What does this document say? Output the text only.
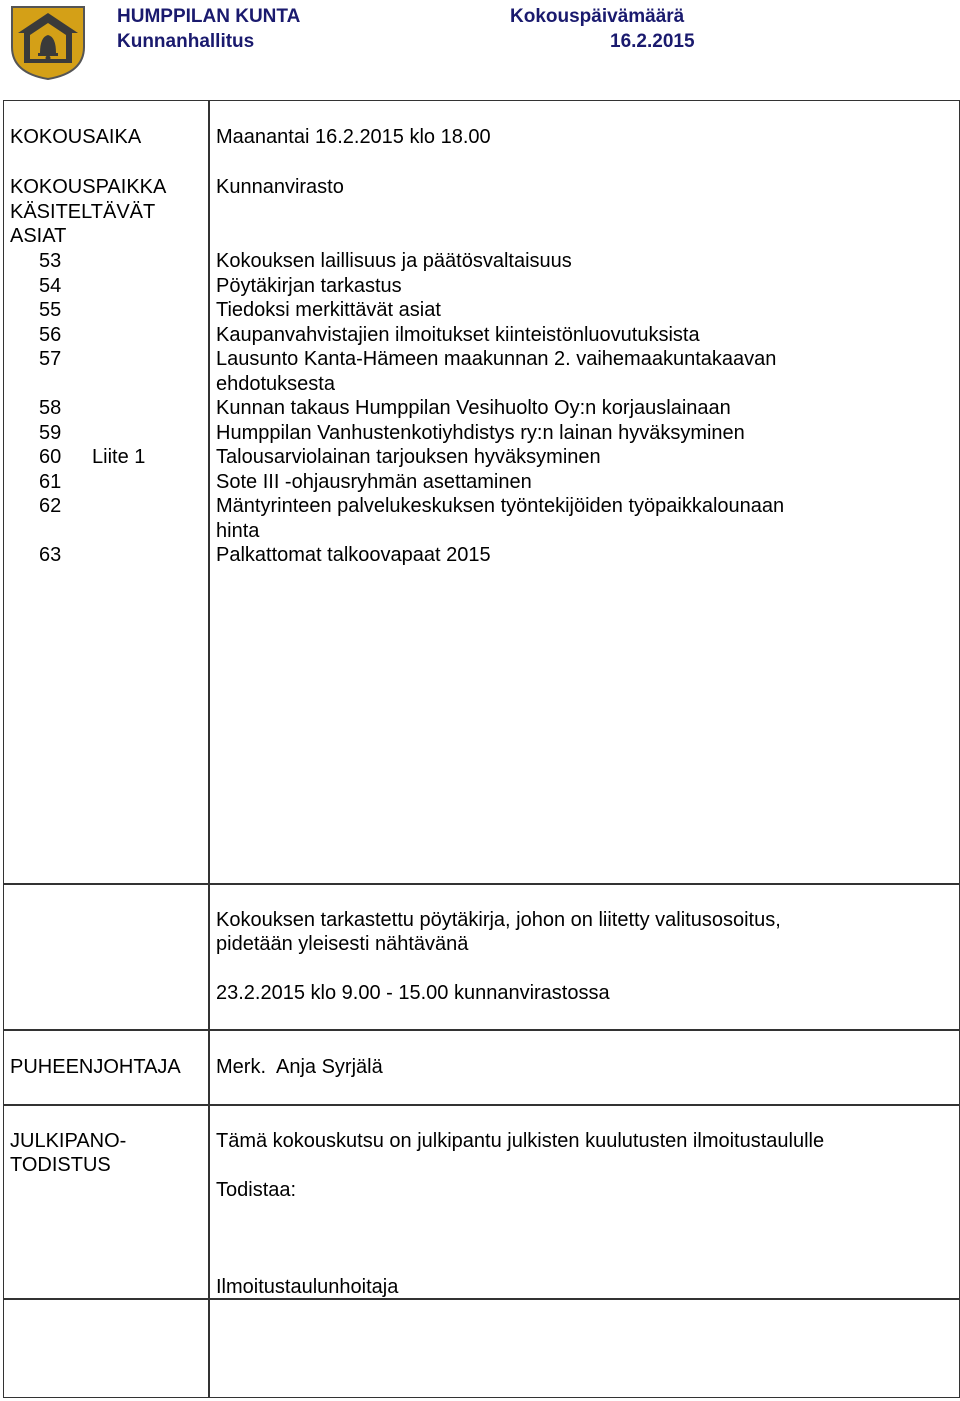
HUMPPILAN KUNTA
Kunnanhallitus
Kokouspäivämäärä
16.2.2015
KOKOUSAIKA	Maanantai 16.2.2015 klo 18.00
KOKOUSPAIKKA Kunnanvirasto
KÄSITELTÄVÄT
ASIAT
53	Kokouksen laillisuus ja päätösvaltaisuus
54	Pöytäkirjan tarkastus
55	Tiedoksi merkittävät asiat
56	Kaupanvahvistajien ilmoitukset kiinteistönluovutuksista
57	Lausunto Kanta-Hämeen maakunnan 2. vaihemaakuntakaavan
ehdotuksesta
58	Kunnan takaus Humppilan Vesihuolto Oy:n korjauslainaan
59	Humppilan Vanhustenkotiyhdistys ry:n lainan hyväksyminen
60	Liite 1	Talousarviolainan tarjouksen hyväksyminen
61	Sote III -ohjausryhmän asettaminen
62	Mäntyrinteen palvelukeskuksen työntekijöiden työpaikkalounaan
hinta
63	Palkattomat talkoovapaat 2015
Kokouksen tarkastettu pöytäkirja, johon on liitetty valitusosoitus,
pidetään yleisesti nähtävänä
23.2.2015 klo 9.00 - 15.00 kunnanvirastossa
PUHEENJOHTAJA Merk.  Anja Syrjälä
JULKIPANO-
TODISTUS
Tämä kokouskutsu on julkipantu julkisten kuulutusten ilmoitustaululle
Todistaa:
Ilmoitustaulunhoitaja
